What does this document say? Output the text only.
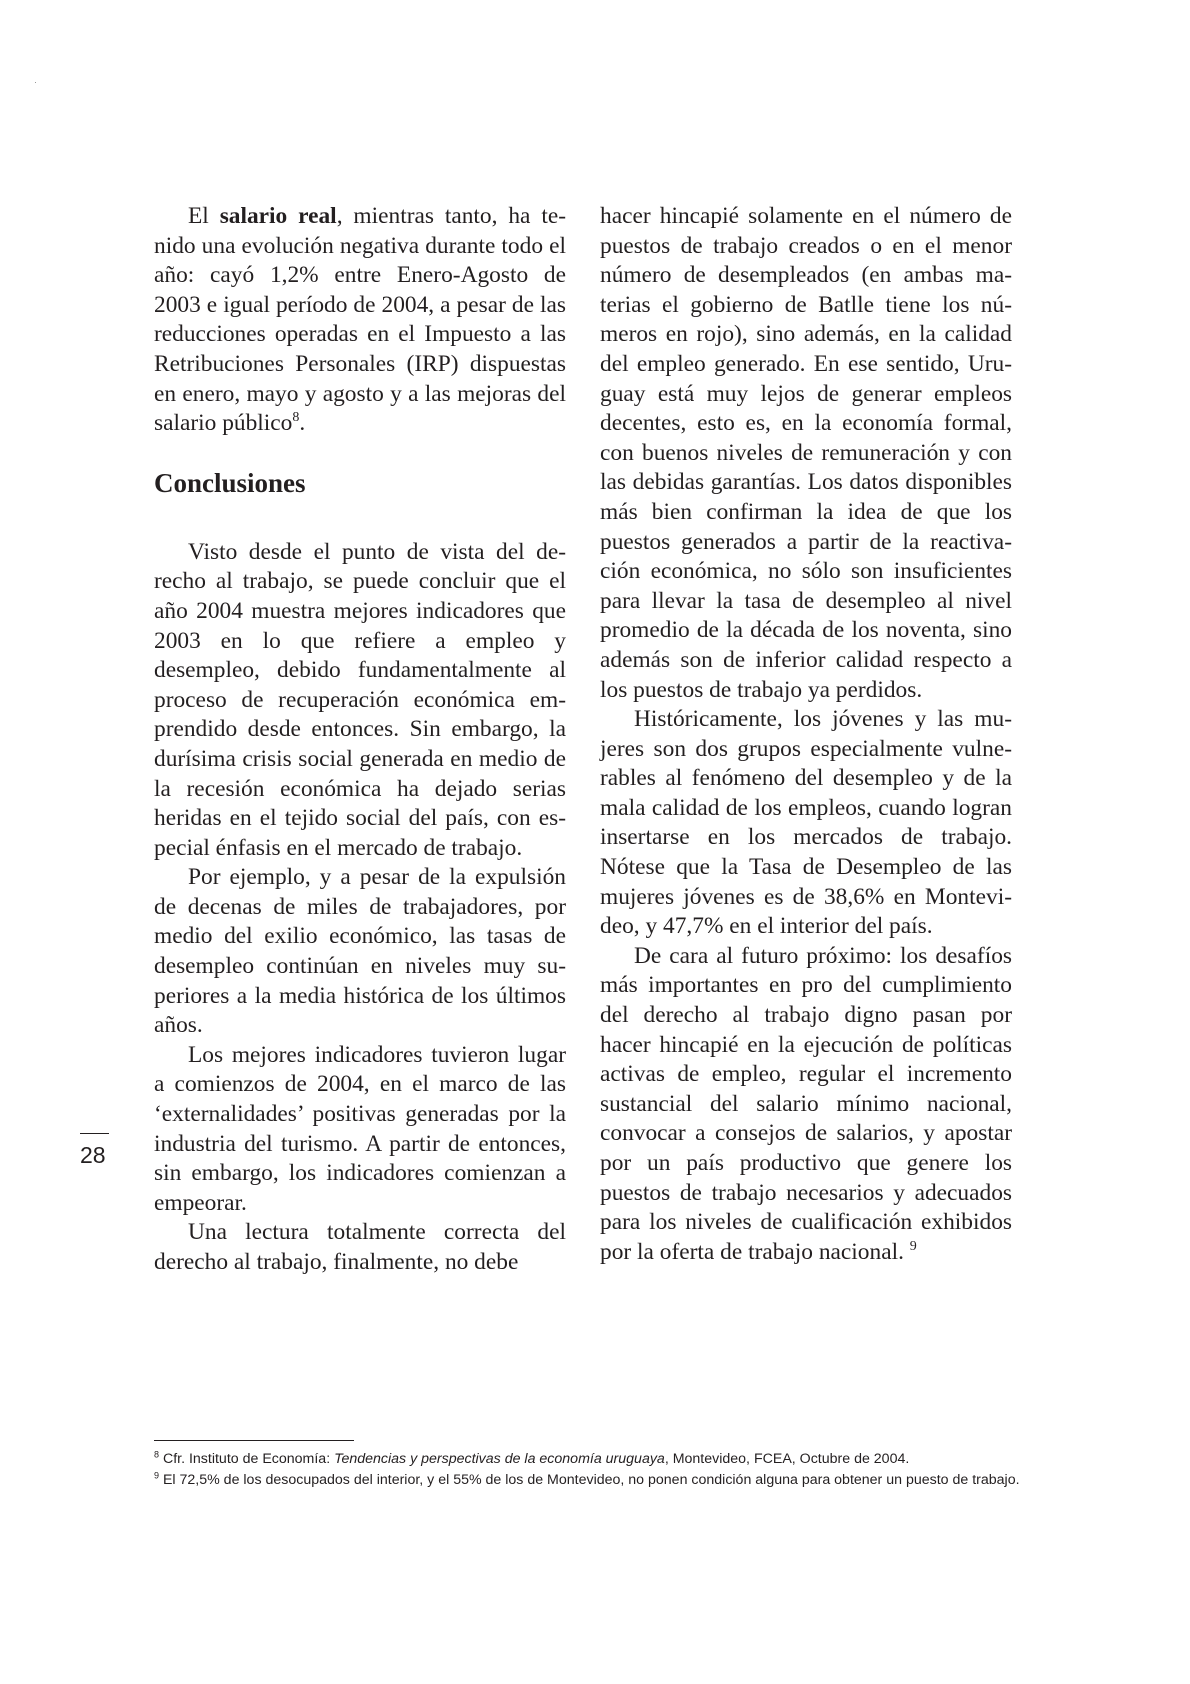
El salario real, mientras tanto, ha tenido una evolución negativa durante todo el año: cayó 1,2% entre Enero-Agosto de 2003 e igual período de 2004, a pesar de las reducciones operadas en el Impuesto a las Retribuciones Personales (IRP) dispuestas en enero, mayo y agosto y a las mejoras del salario público$^8$.

Conclusiones

Visto desde el punto de vista del derecho al trabajo, se puede concluir que el año 2004 muestra mejores indicadores que 2003 en lo que refiere a empleo y desempleo, debido fundamentalmente al proceso de recuperación económica emprendido desde entonces. Sin embargo, la durísima crisis social generada en medio de la recesión económica ha dejado serias heridas en el tejido social del país, con especial énfasis en el mercado de trabajo.

Por ejemplo, y a pesar de la expulsión de decenas de miles de trabajadores, por medio del exilio económico, las tasas de desempleo continúan en niveles muy superiores a la media histórica de los últimos años.

Los mejores indicadores tuvieron lugar a comienzos de 2004, en el marco de las ‘externalidades’ positivas generadas por la industria del turismo. A partir de entonces, sin embargo, los indicadores comienzan a empeorar.

Una lectura totalmente correcta del derecho al trabajo, finalmente, no debe

hacer hincapié solamente en el número de puestos de trabajo creados o en el menor número de desempleados (en ambas materias el gobierno de Batlle tiene los números en rojo), sino además, en la calidad del empleo generado. En ese sentido, Uruguay está muy lejos de generar empleos decentes, esto es, en la economía formal, con buenos niveles de remuneración y con las debidas garantías. Los datos disponibles más bien confirman la idea de que los puestos generados a partir de la reactivación económica, no sólo son insuficientes para llevar la tasa de desempleo al nivel promedio de la década de los noventa, sino además son de inferior calidad respecto a los puestos de trabajo ya perdidos.

Históricamente, los jóvenes y las mujeres son dos grupos especialmente vulnerables al fenómeno del desempleo y de la mala calidad de los empleos, cuando logran insertarse en los mercados de trabajo. Nótese que la Tasa de Desempleo de las mujeres jóvenes es de 38,6% en Montevideo, y 47,7% en el interior del país.

De cara al futuro próximo: los desafíos más importantes en pro del cumplimiento del derecho al trabajo digno pasan por hacer hincapié en la ejecución de políticas activas de empleo, regular el incremento sustancial del salario mínimo nacional, convocar a consejos de salarios, y apostar por un país productivo que genere los puestos de trabajo necesarios y adecuados para los niveles de cualificación exhibidos por la oferta de trabajo nacional. $^9$

28

$^8$ Cfr. Instituto de Economía: Tendencias y perspectivas de la economía uruguaya, Montevideo, FCEA, Octubre de 2004.

$^9$ El 72,5% de los desocupados del interior, y el 55% de los de Montevideo, no ponen condición alguna para obtener un puesto de trabajo.
